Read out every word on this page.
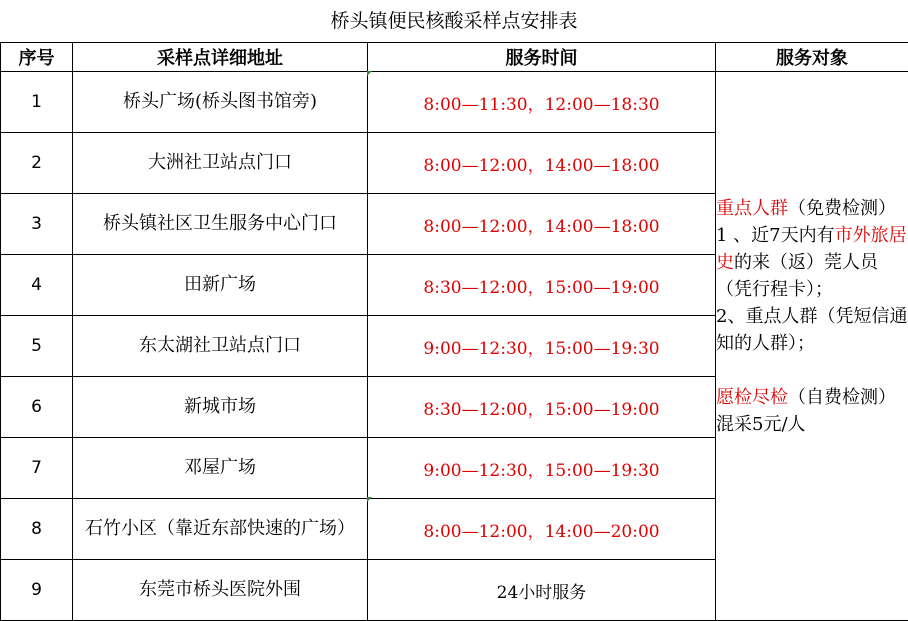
桥头镇便民核酸采样点安排表
序号	采样点详细地址	服务时间	服务对象
1	桥头广场(桥头图书馆旁)	8:00—11:30，12:00—18:30	重点人群（免费检测）
1 、近7天内有市外旅居史的来（返）莞人员（凭行程卡）；
2、重点人群（凭短信通知的人群）；

愿检尽检（自费检测）
混采5元/人

2	大洲社卫站点门口	8:00—12:00，14:00—18:00	
3	桥头镇社区卫生服务中心门口	8:00—12:00，14:00—18:00	
4	田新广场	8:30—12:00，15:00—19:00	
5	东太湖社卫站点门口	9:00—12:30，15:00—19:30	
6	新城市场	8:30—12:00，15:00—19:00	
7	邓屋广场	9:00—12:30，15:00—19:30	
8	石竹小区（靠近东部快速的广场）	8:00—12:00，14:00—20:00	
9	东莞市桥头医院外围	24小时服务	
